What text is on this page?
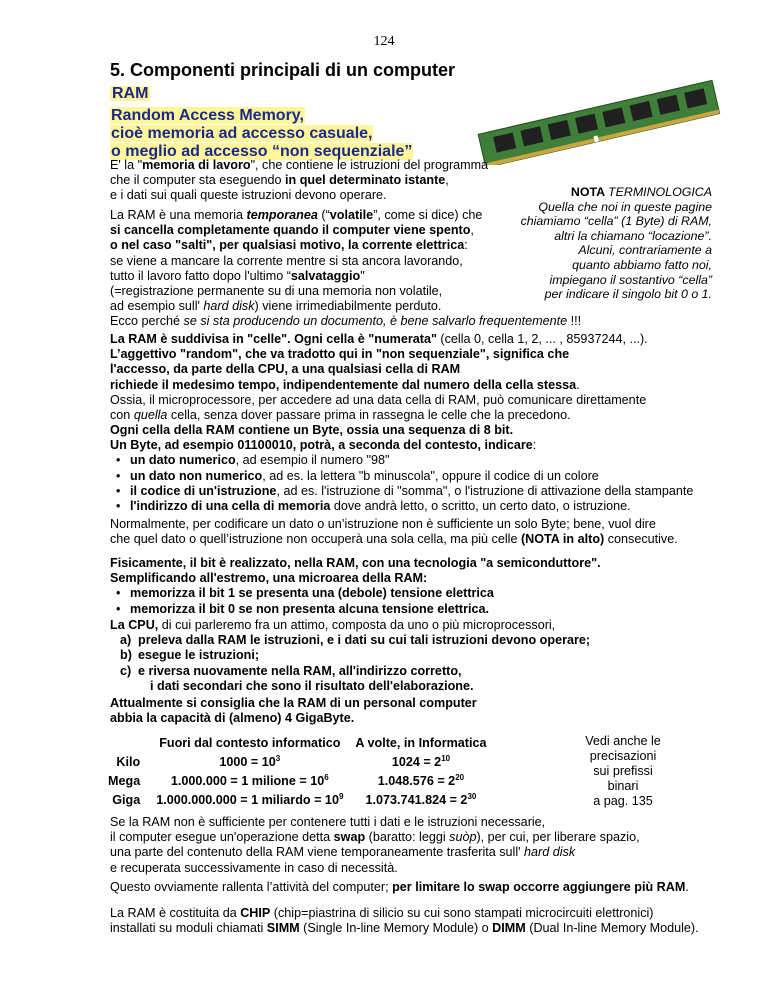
124
5. Componenti principali di un computer
RAM
Random Access Memory,
cioè memoria ad accesso casuale,
o meglio ad accesso “non sequenziale”
E' la "memoria di lavoro", che contiene le istruzioni del programma
che il computer sta eseguendo in quel determinato istante,
e i dati sui quali queste istruzioni devono operare.	NOTA TERMINOLOGICA
Quella che noi in queste pagine
chiamiamo “cella” (1 Byte) di RAM,
altri la chiamano “locazione”.
Alcuni, contrariamente a
quanto abbiamo fatto noi,
impiegano il sostantivo “cella”
per indicare il singolo bit 0 o 1.
La RAM è una memoria temporanea (“volatile”, come si dice) che
si cancella completamente quando il computer viene spento,
o nel caso "salti", per qualsiasi motivo, la corrente elettrica:
se viene a mancare la corrente mentre si sta ancora lavorando,
tutto il lavoro fatto dopo l'ultimo “salvataggio"
(=registrazione permanente su di una memoria non volatile,
ad esempio sull' hard disk) viene irrimediabilmente perduto.
Ecco perché se si sta producendo un documento, è bene salvarlo frequentemente !!!
La RAM è suddivisa in "celle". Ogni cella è "numerata" (cella 0, cella 1, 2, ... , 85937244, ...).
L’aggettivo "random", che va tradotto qui in "non sequenziale", significa che
l'accesso, da parte della CPU, a una qualsiasi cella di RAM
richiede il medesimo tempo, indipendentemente dal numero della cella stessa.
Ossia, il microprocessore, per accedere ad una data cella di RAM, può comunicare direttamente
con quella cella, senza dover passare prima in rassegna le celle che la precedono.
Ogni cella della RAM contiene un Byte, ossia una sequenza di 8 bit.
Un Byte, ad esempio 01100010, potrà, a seconda del contesto, indicare:
• un dato numerico, ad esempio il numero "98"
• un dato non numerico, ad es. la lettera "b minuscola", oppure il codice di un colore
• il codice di un'istruzione, ad es. l'istruzione di "somma", o l'istruzione di attivazione della stampante
• l'indirizzo di una cella di memoria dove andrà letto, o scritto, un certo dato, o istruzione.
Normalmente, per codificare un dato o un’istruzione non è sufficiente un solo Byte; bene, vuol dire
che quel dato o quell’istruzione non occuperà una sola cella, ma più celle (NOTA in alto) consecutive.
Fisicamente, il bit è realizzato, nella RAM, con una tecnologia "a semiconduttore".
Semplificando all'estremo, una microarea della RAM:
• memorizza il bit 1 se presenta una (debole) tensione elettrica
• memorizza il bit 0 se non presenta alcuna tensione elettrica.
La CPU, di cui parleremo fra un attimo, composta da uno o più microprocessori,
a) preleva dalla RAM le istruzioni, e i dati su cui tali istruzioni devono operare;
b) esegue le istruzioni;
c) e riversa nuovamente nella RAM, all'indirizzo corretto,
i dati secondari che sono il risultato dell'elaborazione.
Attualmente si consiglia che la RAM di un personal computer
abbia la capacità di (almeno) 4 GigaByte.
	Fuori dal contesto informatico	A volte, in Informatica
Kilo	$1000 = 10^3$	$1024 = 2^{10}$
Mega	1.000.000 = 1 milione = $10^6$	$1.048.576 = 2^{20}$
Giga	1.000.000.000 = 1 miliardo = $10^9$	$1.073.741.824 = 2^{30}$
Vedi anche le
precisazioni
sui prefissi
binari
a pag. 135
Se la RAM non è sufficiente per contenere tutti i dati e le istruzioni necessarie,
il computer esegue un'operazione detta swap (baratto: leggi suòp), per cui, per liberare spazio,
una parte del contenuto della RAM viene temporaneamente trasferita sull' hard disk
e recuperata successivamente in caso di necessità.
Questo ovviamente rallenta l’attività del computer; per limitare lo swap occorre aggiungere più RAM.
La RAM è costituita da CHIP (chip=piastrina di silicio su cui sono stampati microcircuiti elettronici)
installati su moduli chiamati SIMM (Single In-line Memory Module) o DIMM (Dual In-line Memory Module).
